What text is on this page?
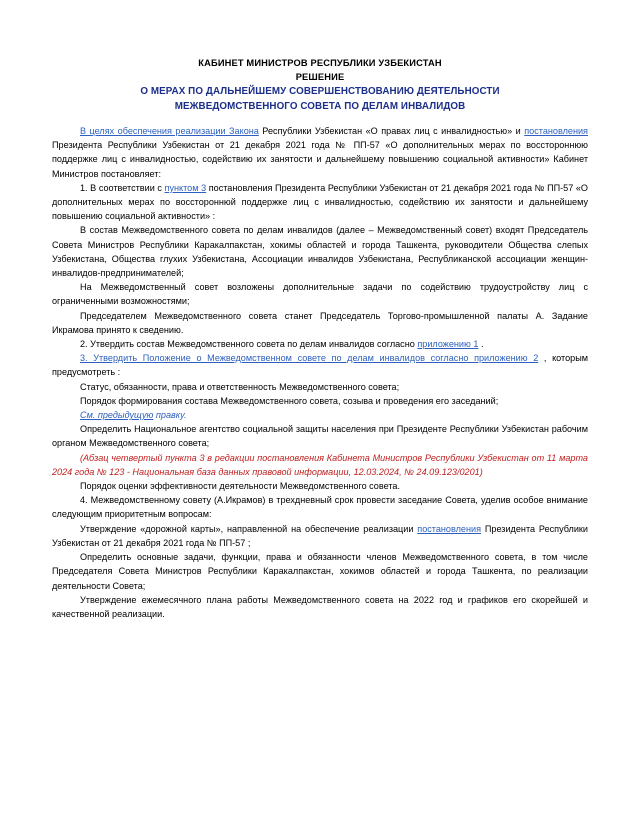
КАБИНЕТ МИНИСТРОВ РЕСПУБЛИКИ УЗБЕКИСТАН
РЕШЕНИЕ
О МЕРАХ ПО ДАЛЬНЕЙШЕМУ СОВЕРШЕНСТВОВАНИЮ ДЕЯТЕЛЬНОСТИ
МЕЖВЕДОМСТВЕННОГО СОВЕТА ПО ДЕЛАМ ИНВАЛИДОВ

В целях обеспечения реализации Закона Республики Узбекистан «О правах лиц с инвалидностью» и постановления Президента Республики Узбекистан от 21 декабря 2021 года № ПП-57 «О дополнительных мерах по восстороннюю поддержке лиц с инвалидностью, содействию их занятости и дальнейшему повышению социальной активности» Кабинет Министров постановляет:

1. В соответствии с пунктом 3 постановления Президента Республики Узбекистан от 21 декабря 2021 года № ПП-57 «О дополнительных мерах по восстороннюй поддержке лиц с инвалидностью, содействию их занятости и дальнейшему повышению социальной активности» :

В состав Межведомственного совета по делам инвалидов (далее – Межведомственный совет) входят Председатель Совета Министров Республики Каракалпакстан, хокимы областей и города Ташкента, руководители Общества слепых Узбекистана, Общества глухих Узбекистана, Ассоциации инвалидов Узбекистана, Республиканской ассоциации женщин-инвалидов-предпринимателей;

На Межведомственный совет возложены дополнительные задачи по содействию трудоустройству лиц с ограниченными возможностями;

Председателем Межведомственного совета станет Председатель Торгово-промышленной палаты А. Задание Икрамова принято к сведению.

2. Утвердить состав Межведомственного совета по делам инвалидов согласно приложению 1 .

3. Утвердить Положение о Межведомственном совете по делам инвалидов согласно приложению 2 , которым предусмотреть :

Статус, обязанности, права и ответственность Межведомственного совета;

Порядок формирования состава Межведомственного совета, созыва и проведения его заседаний;

См. предыдущую правку.

Определить Национальное агентство социальной защиты населения при Президенте Республики Узбекистан рабочим органом Межведомственного совета;

(Абзац четвертый пункта 3 в редакции постановления Кабинета Министров Республики Узбекистан от 11 марта 2024 года № 123 - Национальная база данных правовой информации, 12.03.2024, № 24.09.123/0201)

Порядок оценки эффективности деятельности Межведомственного совета.

4. Межведомственному совету (А.Икрамов) в трехдневный срок провести заседание Совета, уделив особое внимание следующим приоритетным вопросам:

Утверждение «дорожной карты», направленной на обеспечение реализации постановления Президента Республики Узбекистан от 21 декабря 2021 года № ПП-57 ;

Определить основные задачи, функции, права и обязанности членов Межведомственного совета, в том числе Председателя Совета Министров Республики Каракалпакстан, хокимов областей и города Ташкента, по реализации деятельности Совета;

Утверждение ежемесячного плана работы Межведомственного совета на 2022 год и графиков его скорейшей и качественной реализации.
